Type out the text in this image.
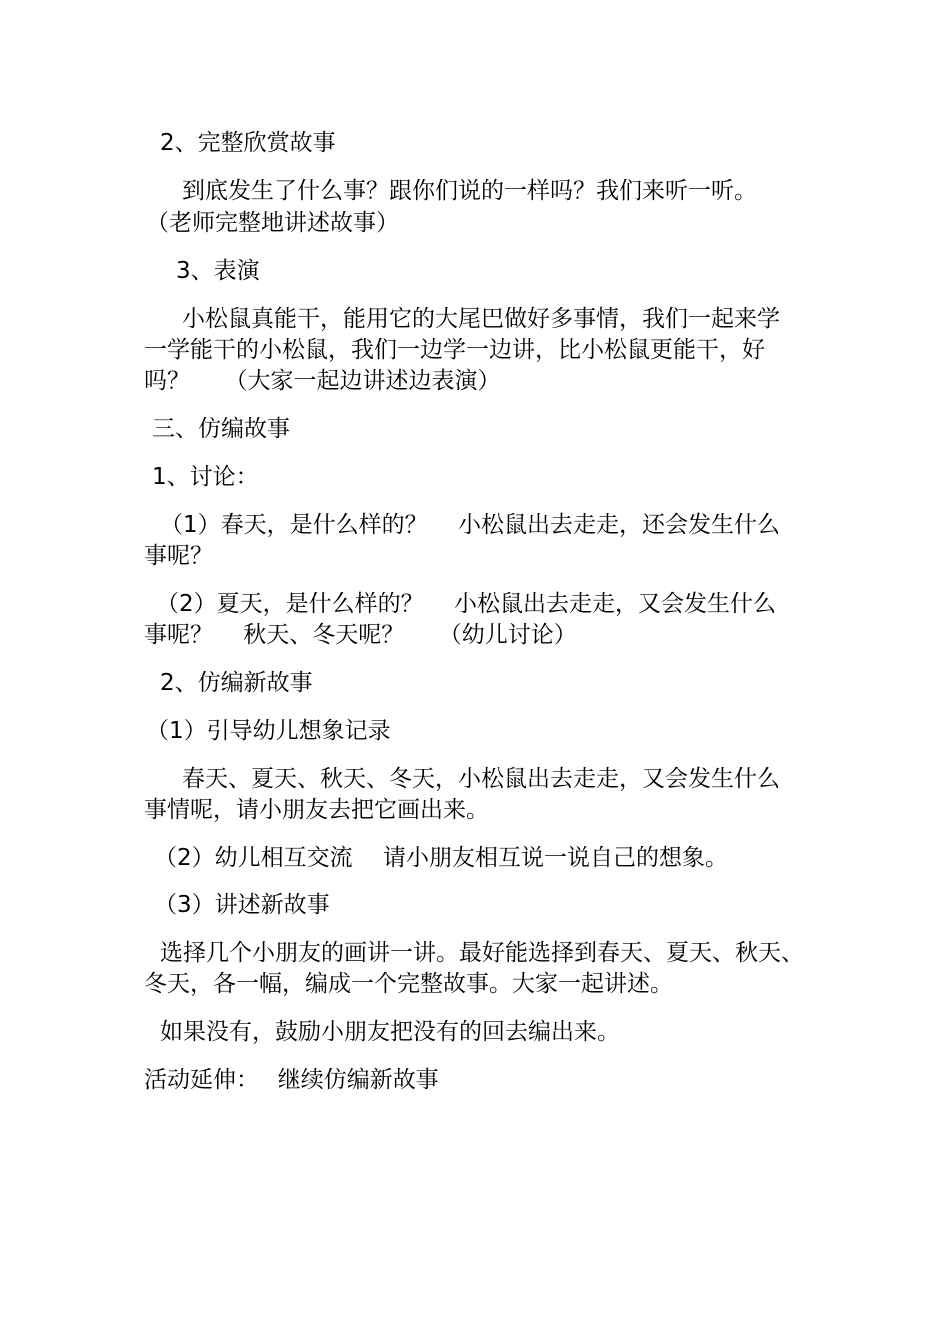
2、完整欣赏故事
到底发生了什么事？跟你们说的一样吗？我们来听一听。
（老师完整地讲述故事）
3、表演
小松鼠真能干，能用它的大尾巴做好多事情，我们一起来学
一学能干的小松鼠，我们一边学一边讲，比小松鼠更能干，好
吗？　　（大家一起边讲述边表演）
三、仿编故事
1、讨论：
（1）春天，是什么样的？　 小松鼠出去走走，还会发生什么
事呢？
（2）夏天，是什么样的？　 小松鼠出去走走，又会发生什么
事呢？　 秋天、冬天呢？　　（幼儿讨论）
2、仿编新故事
（1）引导幼儿想象记录
春天、夏天、秋天、冬天，小松鼠出去走走，又会发生什么
事情呢，请小朋友去把它画出来。
（2）幼儿相互交流　 请小朋友相互说一说自己的想象。
（3）讲述新故事
选择几个小朋友的画讲一讲。最好能选择到春天、夏天、秋天、
冬天，各一幅，编成一个完整故事。大家一起讲述。
如果没有，鼓励小朋友把没有的回去编出来。
活动延伸：　 继续仿编新故事
